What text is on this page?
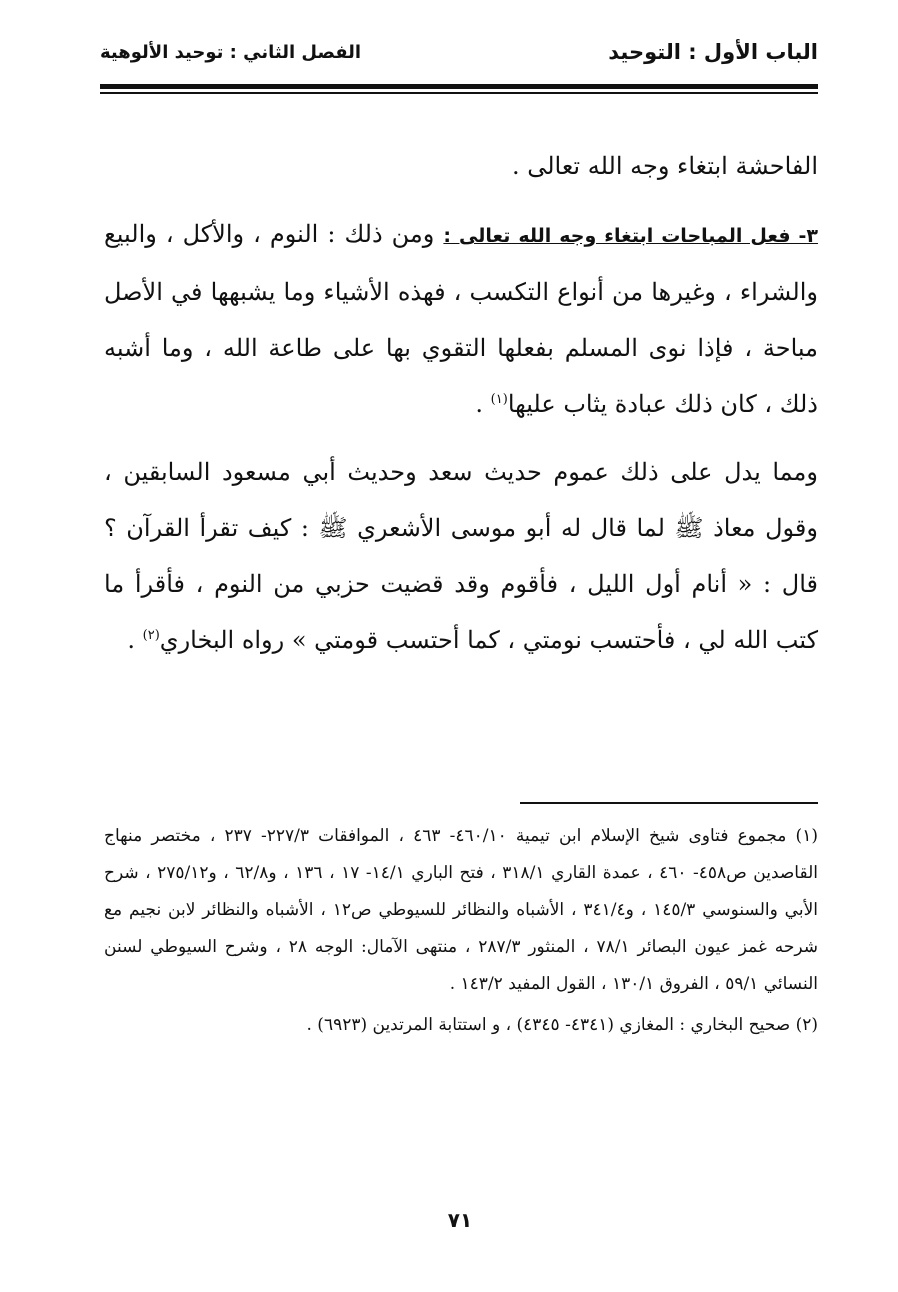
الباب الأول : التوحيد
الفصل الثاني : توحيد الألوهية

الفاحشة ابتغاء وجه الله تعالى .

٣- فعل المباحات ابتغاء وجه الله تعالى : ومن ذلك : النوم ، والأكل ، والبيع والشراء ، وغيرها من أنواع التكسب ، فهذه الأشياء وما يشبهها في الأصل مباحة ، فإذا نوى المسلم بفعلها التقوي بها على طاعة الله ، وما أشبه ذلك ، كان ذلك عبادة يثاب عليها$^{(١)}$ .

ومما يدل على ذلك عموم حديث سعد وحديث أبي مسعود السابقين ، وقول معاذ ﷺ لما قال له أبو موسى الأشعري ﷺ : كيف تقرأ القرآن ؟ قال : « أنام أول الليل ، فأقوم وقد قضيت حزبي من النوم ، فأقرأ ما كتب الله لي ، فأحتسب نومتي ، كما أحتسب قومتي » رواه البخاري$^{(٢)}$ .

(١) مجموع فتاوى شيخ الإسلام ابن تيمية ٤٦٠/١٠- ٤٦٣ ، الموافقات ٢٢٧/٣- ٢٣٧ ، مختصر منهاج القاصدين ص٤٥٨- ٤٦٠ ، عمدة القاري ٣١٨/١ ، فتح الباري ١٤/١- ١٧ ، ١٣٦ ، و٦٢/٨ ، و٢٧٥/١٢ ، شرح الأبي والسنوسي ١٤٥/٣ ، و٣٤١/٤ ، الأشباه والنظائر للسيوطي ص١٢ ، الأشباه والنظائر لابن نجيم مع شرحه غمز عيون البصائر ٧٨/١ ، المنثور ٢٨٧/٣ ، منتهى الآمال: الوجه ٢٨ ، وشرح السيوطي لسنن النسائي ٥٩/١ ، الفروق ١٣٠/١ ، القول المفيد ١٤٣/٢ .

(٢) صحيح البخاري : المغازي (٤٣٤١- ٤٣٤٥) ، و استتابة المرتدين (٦٩٢٣) .

٧١
